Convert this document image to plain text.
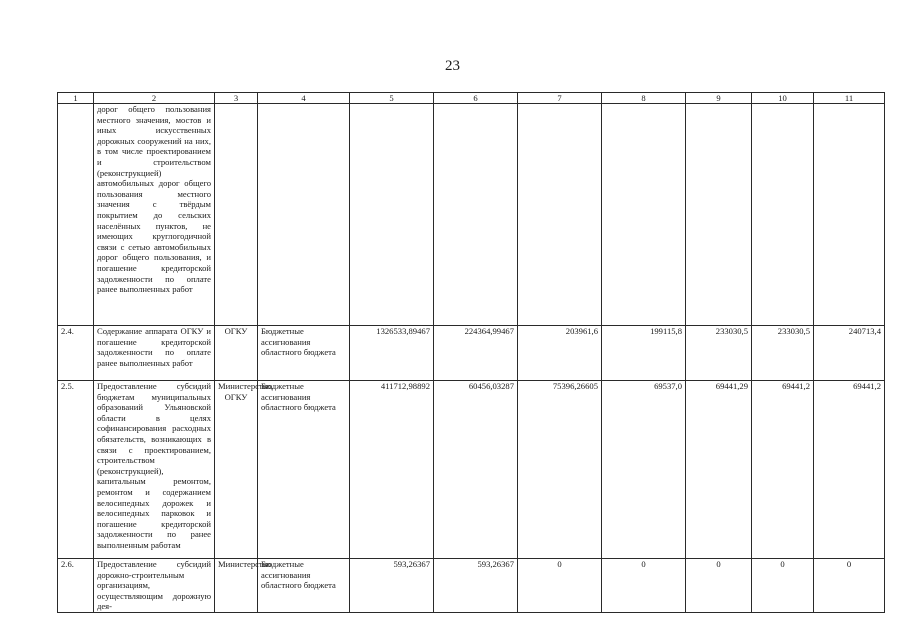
23
1	2	3	4	5	6	7	8	9	10	11
	дорог общего пользования местного значения, мостов и иных искусственных дорожных сооружений на них, в том числе проектированием и строительством (реконструкцией) автомобильных дорог общего пользования местного значения с твёрдым покрытием до сельских населённых пунктов, не имеющих круглогодичной связи с сетью автомобильных дорог общего пользования, и погашение кредиторской задолженности по оплате ранее выполненных работ									
2.4.	Содержание аппарата ОГКУ и погашение кредиторской задолженности по оплате ранее выполненных работ	ОГКУ	Бюджетные ассигнования областного бюджета	1326533,89467	224364,99467	203961,6	199115,8	233030,5	233030,5	240713,4
2.5.	Предоставление субсидий бюджетам муниципальных образований Ульяновской области в целях софинансирования расходных обязательств, возникающих в связи с проектированием, строительством (реконструкцией), капитальным ремонтом, ремонтом и содержанием велосипедных дорожек и велосипедных парковок и погашение кредиторской задолженности по ранее выполненным работам	Министерство, ОГКУ	Бюджетные ассигнования областного бюджета	411712,98892	60456,03287	75396,26605	69537,0	69441,29	69441,2	69441,2
2.6.	Предоставление субсидий дорожно-строительным организациям, осуществляющим дорожную дея-	Министерство	Бюджетные ассигнования областного бюджета	593,26367	593,26367	0	0	0	0	0
